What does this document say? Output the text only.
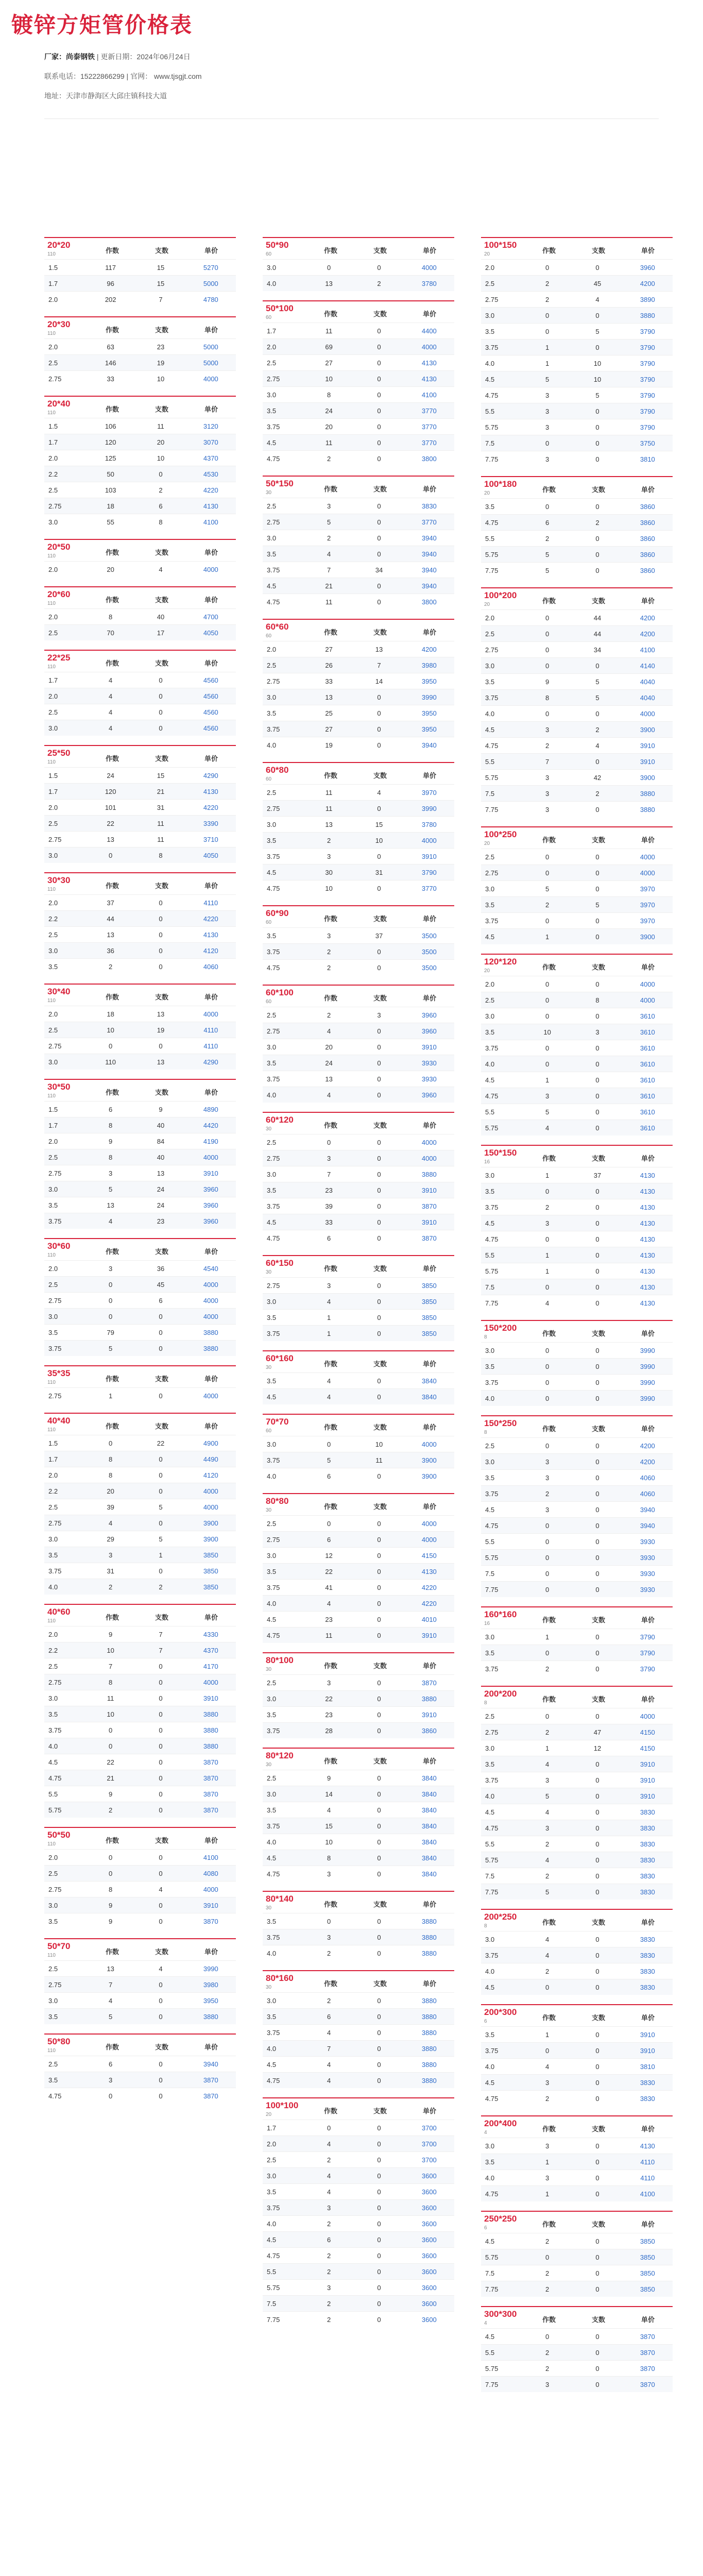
镀锌方矩管价格表
厂家：尚泰钢铁 | 更新日期：2024年06月24日
联系电话：15222866299 | 官网： www.tjsgjt.com
地址：天津市静海区大邱庄镇科技大道
20*20
110	作数	支数	单价
1.5	117	15	5270
1.7	96	15	5000
2.0	202	7	4780
20*30
110	作数	支数	单价
2.0	63	23	5000
2.5	146	19	5000
2.75	33	10	4000
20*40
110	作数	支数	单价
1.5	106	11	3120
1.7	120	20	3070
2.0	125	10	4370
2.2	50	0	4530
2.5	103	2	4220
2.75	18	6	4130
3.0	55	8	4100
20*50
110	作数	支数	单价
2.0	20	4	4000
20*60
110	作数	支数	单价
2.0	8	40	4700
2.5	70	17	4050
22*25
110	作数	支数	单价
1.7	4	0	4560
2.0	4	0	4560
2.5	4	0	4560
3.0	4	0	4560
25*50
110	作数	支数	单价
1.5	24	15	4290
1.7	120	21	4130
2.0	101	31	4220
2.5	22	11	3390
2.75	13	11	3710
3.0	0	8	4050
30*30
110	作数	支数	单价
2.0	37	0	4110
2.2	44	0	4220
2.5	13	0	4130
3.0	36	0	4120
3.5	2	0	4060
30*40
110	作数	支数	单价
2.0	18	13	4000
2.5	10	19	4110
2.75	0	0	4110
3.0	110	13	4290
30*50
110	作数	支数	单价
1.5	6	9	4890
1.7	8	40	4420
2.0	9	84	4190
2.5	8	40	4000
2.75	3	13	3910
3.0	5	24	3960
3.5	13	24	3960
3.75	4	23	3960
30*60
110	作数	支数	单价
2.0	3	36	4540
2.5	0	45	4000
2.75	0	6	4000
3.0	0	0	4000
3.5	79	0	3880
3.75	5	0	3880
35*35
110	作数	支数	单价
2.75	1	0	4000
40*40
110	作数	支数	单价
1.5	0	22	4900
1.7	8	0	4490
2.0	8	0	4120
2.2	20	0	4000
2.5	39	5	4000
2.75	4	0	3900
3.0	29	5	3900
3.5	3	1	3850
3.75	31	0	3850
4.0	2	2	3850
40*60
110	作数	支数	单价
2.0	9	7	4330
2.2	10	7	4370
2.5	7	0	4170
2.75	8	0	4000
3.0	11	0	3910
3.5	10	0	3880
3.75	0	0	3880
4.0	0	0	3880
4.5	22	0	3870
4.75	21	0	3870
5.5	9	0	3870
5.75	2	0	3870
50*50
110	作数	支数	单价
2.0	0	0	4100
2.5	0	0	4080
2.75	8	4	4000
3.0	9	0	3910
3.5	9	0	3870
50*70
110	作数	支数	单价
2.5	13	4	3990
2.75	7	0	3980
3.0	4	0	3950
3.5	5	0	3880
50*80
110	作数	支数	单价
2.5	6	0	3940
3.5	3	0	3870
4.75	0	0	3870
50*90
60	作数	支数	单价
3.0	0	0	4000
4.0	13	2	3780
50*100
60	作数	支数	单价
1.7	11	0	4400
2.0	69	0	4000
2.5	27	0	4130
2.75	10	0	4130
3.0	8	0	4100
3.5	24	0	3770
3.75	20	0	3770
4.5	11	0	3770
4.75	2	0	3800
50*150
30	作数	支数	单价
2.5	3	0	3830
2.75	5	0	3770
3.0	2	0	3940
3.5	4	0	3940
3.75	7	34	3940
4.5	21	0	3940
4.75	11	0	3800
60*60
60	作数	支数	单价
2.0	27	13	4200
2.5	26	7	3980
2.75	33	14	3950
3.0	13	0	3990
3.5	25	0	3950
3.75	27	0	3950
4.0	19	0	3940
60*80
60	作数	支数	单价
2.5	11	4	3970
2.75	11	0	3990
3.0	13	15	3780
3.5	2	10	4000
3.75	3	0	3910
4.5	30	31	3790
4.75	10	0	3770
60*90
60	作数	支数	单价
3.5	3	37	3500
3.75	2	0	3500
4.75	2	0	3500
60*100
60	作数	支数	单价
2.5	2	3	3960
2.75	4	0	3960
3.0	20	0	3910
3.5	24	0	3930
3.75	13	0	3930
4.0	4	0	3960
60*120
30	作数	支数	单价
2.5	0	0	4000
2.75	3	0	4000
3.0	7	0	3880
3.5	23	0	3910
3.75	39	0	3870
4.5	33	0	3910
4.75	6	0	3870
60*150
30	作数	支数	单价
2.75	3	0	3850
3.0	4	0	3850
3.5	1	0	3850
3.75	1	0	3850
60*160
30	作数	支数	单价
3.5	4	0	3840
4.5	4	0	3840
70*70
60	作数	支数	单价
3.0	0	10	4000
3.75	5	11	3900
4.0	6	0	3900
80*80
30	作数	支数	单价
2.5	0	0	4000
2.75	6	0	4000
3.0	12	0	4150
3.5	22	0	4130
3.75	41	0	4220
4.0	4	0	4220
4.5	23	0	4010
4.75	11	0	3910
80*100
30	作数	支数	单价
2.5	3	0	3870
3.0	22	0	3880
3.5	23	0	3910
3.75	28	0	3860
80*120
30	作数	支数	单价
2.5	9	0	3840
3.0	14	0	3840
3.5	4	0	3840
3.75	15	0	3840
4.0	10	0	3840
4.5	8	0	3840
4.75	3	0	3840
80*140
30	作数	支数	单价
3.5	0	0	3880
3.75	3	0	3880
4.0	2	0	3880
80*160
30	作数	支数	单价
3.0	2	0	3880
3.5	6	0	3880
3.75	4	0	3880
4.0	7	0	3880
4.5	4	0	3880
4.75	4	0	3880
100*100
20	作数	支数	单价
1.7	0	0	3700
2.0	4	0	3700
2.5	2	0	3700
3.0	4	0	3600
3.5	4	0	3600
3.75	3	0	3600
4.0	2	0	3600
4.5	6	0	3600
4.75	2	0	3600
5.5	2	0	3600
5.75	3	0	3600
7.5	2	0	3600
7.75	2	0	3600
100*150
20	作数	支数	单价
2.0	0	0	3960
2.5	2	45	4200
2.75	2	4	3890
3.0	0	0	3880
3.5	0	5	3790
3.75	1	0	3790
4.0	1	10	3790
4.5	5	10	3790
4.75	3	5	3790
5.5	3	0	3790
5.75	3	0	3790
7.5	0	0	3750
7.75	3	0	3810
100*180
20	作数	支数	单价
3.5	0	0	3860
4.75	6	2	3860
5.5	2	0	3860
5.75	5	0	3860
7.75	5	0	3860
100*200
20	作数	支数	单价
2.0	0	44	4200
2.5	0	44	4200
2.75	0	34	4100
3.0	0	0	4140
3.5	9	5	4040
3.75	8	5	4040
4.0	0	0	4000
4.5	3	2	3900
4.75	2	4	3910
5.5	7	0	3910
5.75	3	42	3900
7.5	3	2	3880
7.75	3	0	3880
100*250
20	作数	支数	单价
2.5	0	0	4000
2.75	0	0	4000
3.0	5	0	3970
3.5	2	5	3970
3.75	0	0	3970
4.5	1	0	3900
120*120
20	作数	支数	单价
2.0	0	0	4000
2.5	0	8	4000
3.0	0	0	3610
3.5	10	3	3610
3.75	0	0	3610
4.0	0	0	3610
4.5	1	0	3610
4.75	3	0	3610
5.5	5	0	3610
5.75	4	0	3610
150*150
16	作数	支数	单价
3.0	1	37	4130
3.5	0	0	4130
3.75	2	0	4130
4.5	3	0	4130
4.75	0	0	4130
5.5	1	0	4130
5.75	1	0	4130
7.5	0	0	4130
7.75	4	0	4130
150*200
8	作数	支数	单价
3.0	0	0	3990
3.5	0	0	3990
3.75	0	0	3990
4.0	0	0	3990
150*250
8	作数	支数	单价
2.5	0	0	4200
3.0	3	0	4200
3.5	3	0	4060
3.75	2	0	4060
4.5	3	0	3940
4.75	0	0	3940
5.5	0	0	3930
5.75	0	0	3930
7.5	0	0	3930
7.75	0	0	3930
160*160
16	作数	支数	单价
3.0	1	0	3790
3.5	0	0	3790
3.75	2	0	3790
200*200
8	作数	支数	单价
2.5	0	0	4000
2.75	2	47	4150
3.0	1	12	4150
3.5	4	0	3910
3.75	3	0	3910
4.0	5	0	3910
4.5	4	0	3830
4.75	3	0	3830
5.5	2	0	3830
5.75	4	0	3830
7.5	2	0	3830
7.75	5	0	3830
200*250
8	作数	支数	单价
3.0	4	0	3830
3.75	4	0	3830
4.0	2	0	3830
4.5	0	0	3830
200*300
6	作数	支数	单价
3.5	1	0	3910
3.75	0	0	3910
4.0	4	0	3810
4.5	3	0	3830
4.75	2	0	3830
200*400
4	作数	支数	单价
3.0	3	0	4130
3.5	1	0	4110
4.0	3	0	4110
4.75	1	0	4100
250*250
6	作数	支数	单价
4.5	2	0	3850
5.75	0	0	3850
7.5	2	0	3850
7.75	2	0	3850
300*300
4	作数	支数	单价
4.5	0	0	3870
5.5	2	0	3870
5.75	2	0	3870
7.75	3	0	3870
